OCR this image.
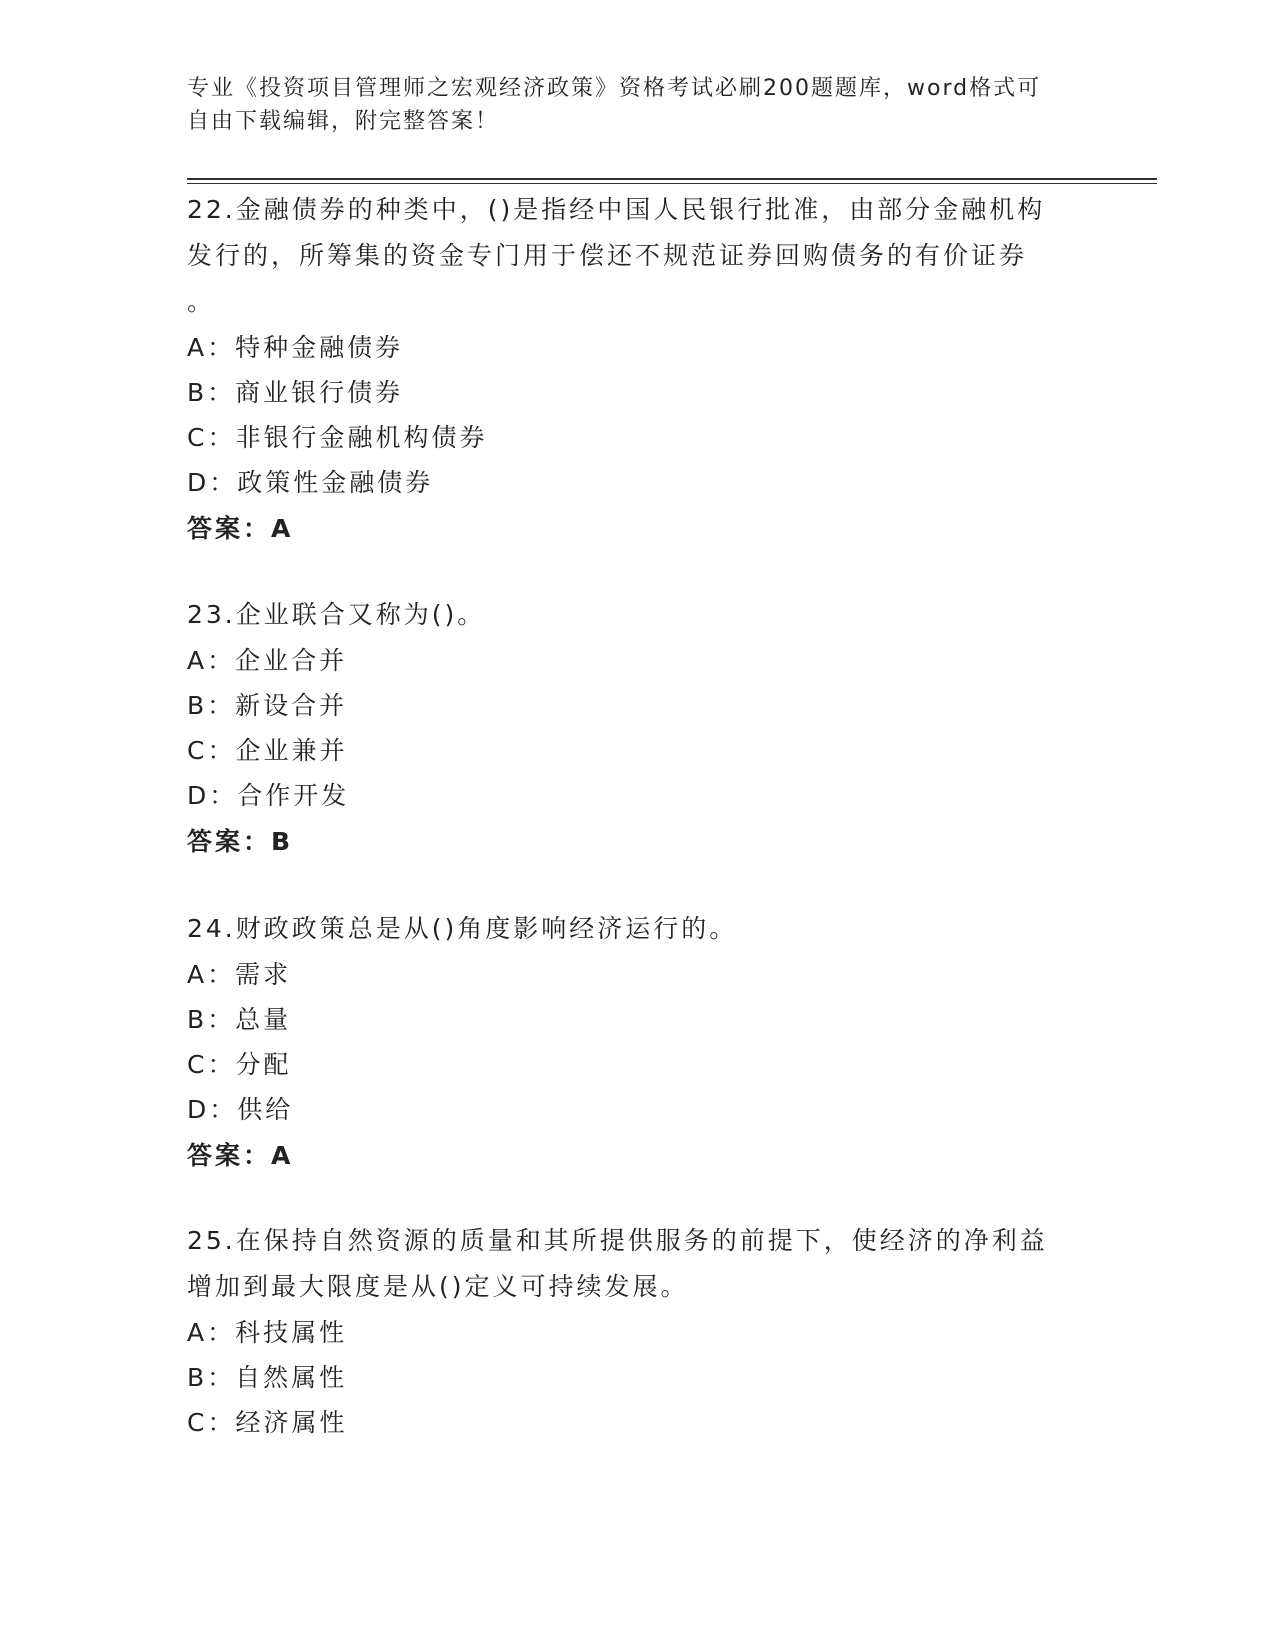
专业《投资项目管理师之宏观经济政策》资格考试必刷200题题库，word格式可
自由下载编辑，附完整答案！
22.金融债券的种类中，()是指经中国人民银行批准，由部分金融机构
发行的，所筹集的资金专门用于偿还不规范证券回购债务的有价证券
。
A：特种金融债券
B：商业银行债券
C：非银行金融机构债券
D：政策性金融债券
答案：A
23.企业联合又称为()。
A：企业合并
B：新设合并
C：企业兼并
D：合作开发
答案：B
24.财政政策总是从()角度影响经济运行的。
A：需求
B：总量
C：分配
D：供给
答案：A
25.在保持自然资源的质量和其所提供服务的前提下，使经济的净利益
增加到最大限度是从()定义可持续发展。
A：科技属性
B：自然属性
C：经济属性
